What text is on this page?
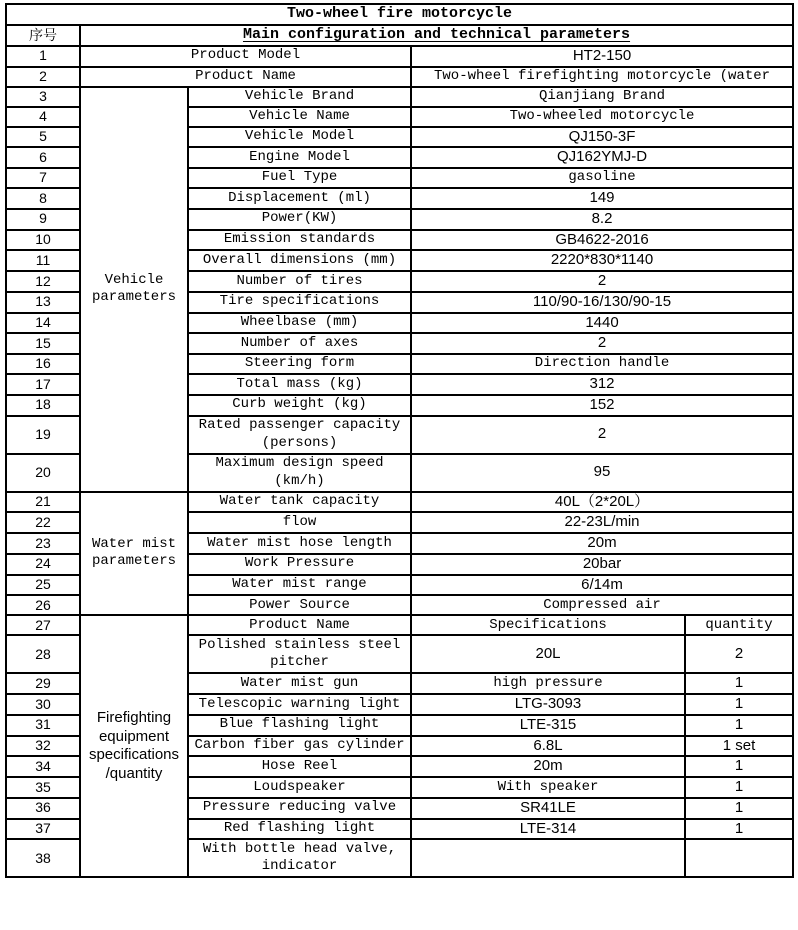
Two-wheel fire motorcycle				
序号	Main configuration and technical parameters			
1	Product Model		HT2-150	
2	Product Name		Two-wheel firefighting motorcycle (water	
3	Vehicle parameters	Vehicle Brand	Qianjiang Brand	
4		Vehicle Name	Two-wheeled motorcycle	
5		Vehicle Model	QJ150-3F	
6		Engine Model	QJ162YMJ-D	
7		Fuel Type	gasoline	
8		Displacement (ml)	149	
9		Power(KW)	8.2	
10		Emission standards	GB4622-2016	
11		Overall dimensions (mm)	2220*830*1140	
12		Number of tires	2	
13		Tire specifications	110/90-16/130/90-15	
14		Wheelbase (mm)	1440	
15		Number of axes	2	
16		Steering form	Direction handle	
17		Total mass (kg)	312	
18		Curb weight (kg)	152	
19		Rated passenger capacity (persons)	2	
20		Maximum design speed (km/h)	95	
21	Water mist parameters	Water tank capacity	40L（2*20L）	
22		flow	22-23L/min	
23		Water mist hose length	20m	
24		Work Pressure	20bar	
25		Water mist range	6/14m	
26		Power Source	Compressed air	
27	Firefighting equipment specifications /quantity	Product Name	Specifications	quantity
28		Polished stainless steel pitcher	20L	2
29		Water mist gun	high pressure	1
30		Telescopic warning light	LTG-3093	1
31		Blue flashing light	LTE-315	1
32		Carbon fiber gas cylinder	6.8L	1 set
34		Hose Reel	20m	1
35		Loudspeaker	With speaker	1
36		Pressure reducing valve	SR41LE	1
37		Red flashing light	LTE-314	1
38		With bottle head valve, indicator		
